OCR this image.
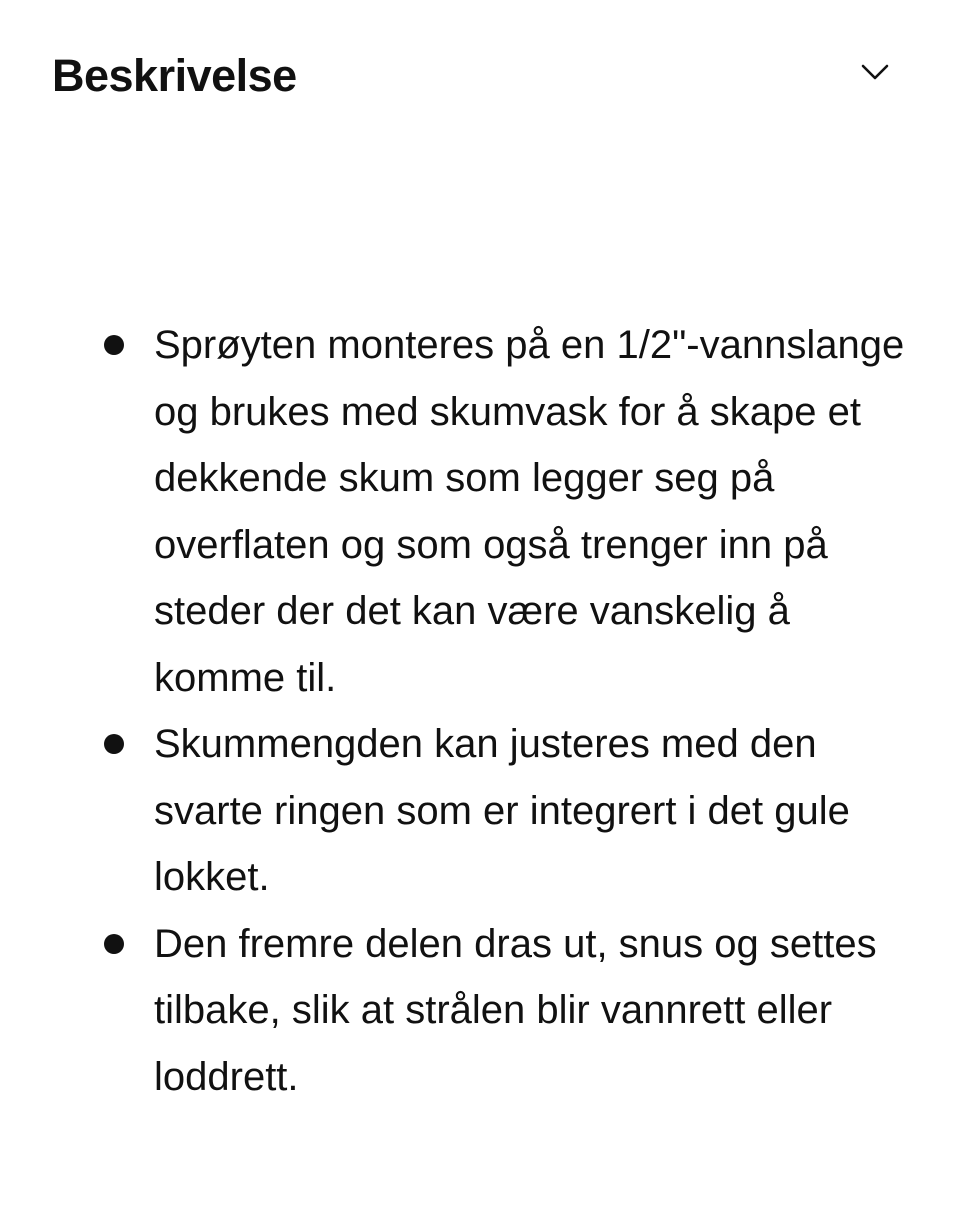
Beskrivelse
Sprøyten monteres på en 1/2"-vannslange og brukes med skumvask for å skape et dekkende skum som legger seg på overflaten og som også trenger inn på steder der det kan være vanskelig å komme til.
Skummengden kan justeres med den svarte ringen som er integrert i det gule lokket.
Den fremre delen dras ut, snus og settes tilbake, slik at strålen blir vannrett eller loddrett.
